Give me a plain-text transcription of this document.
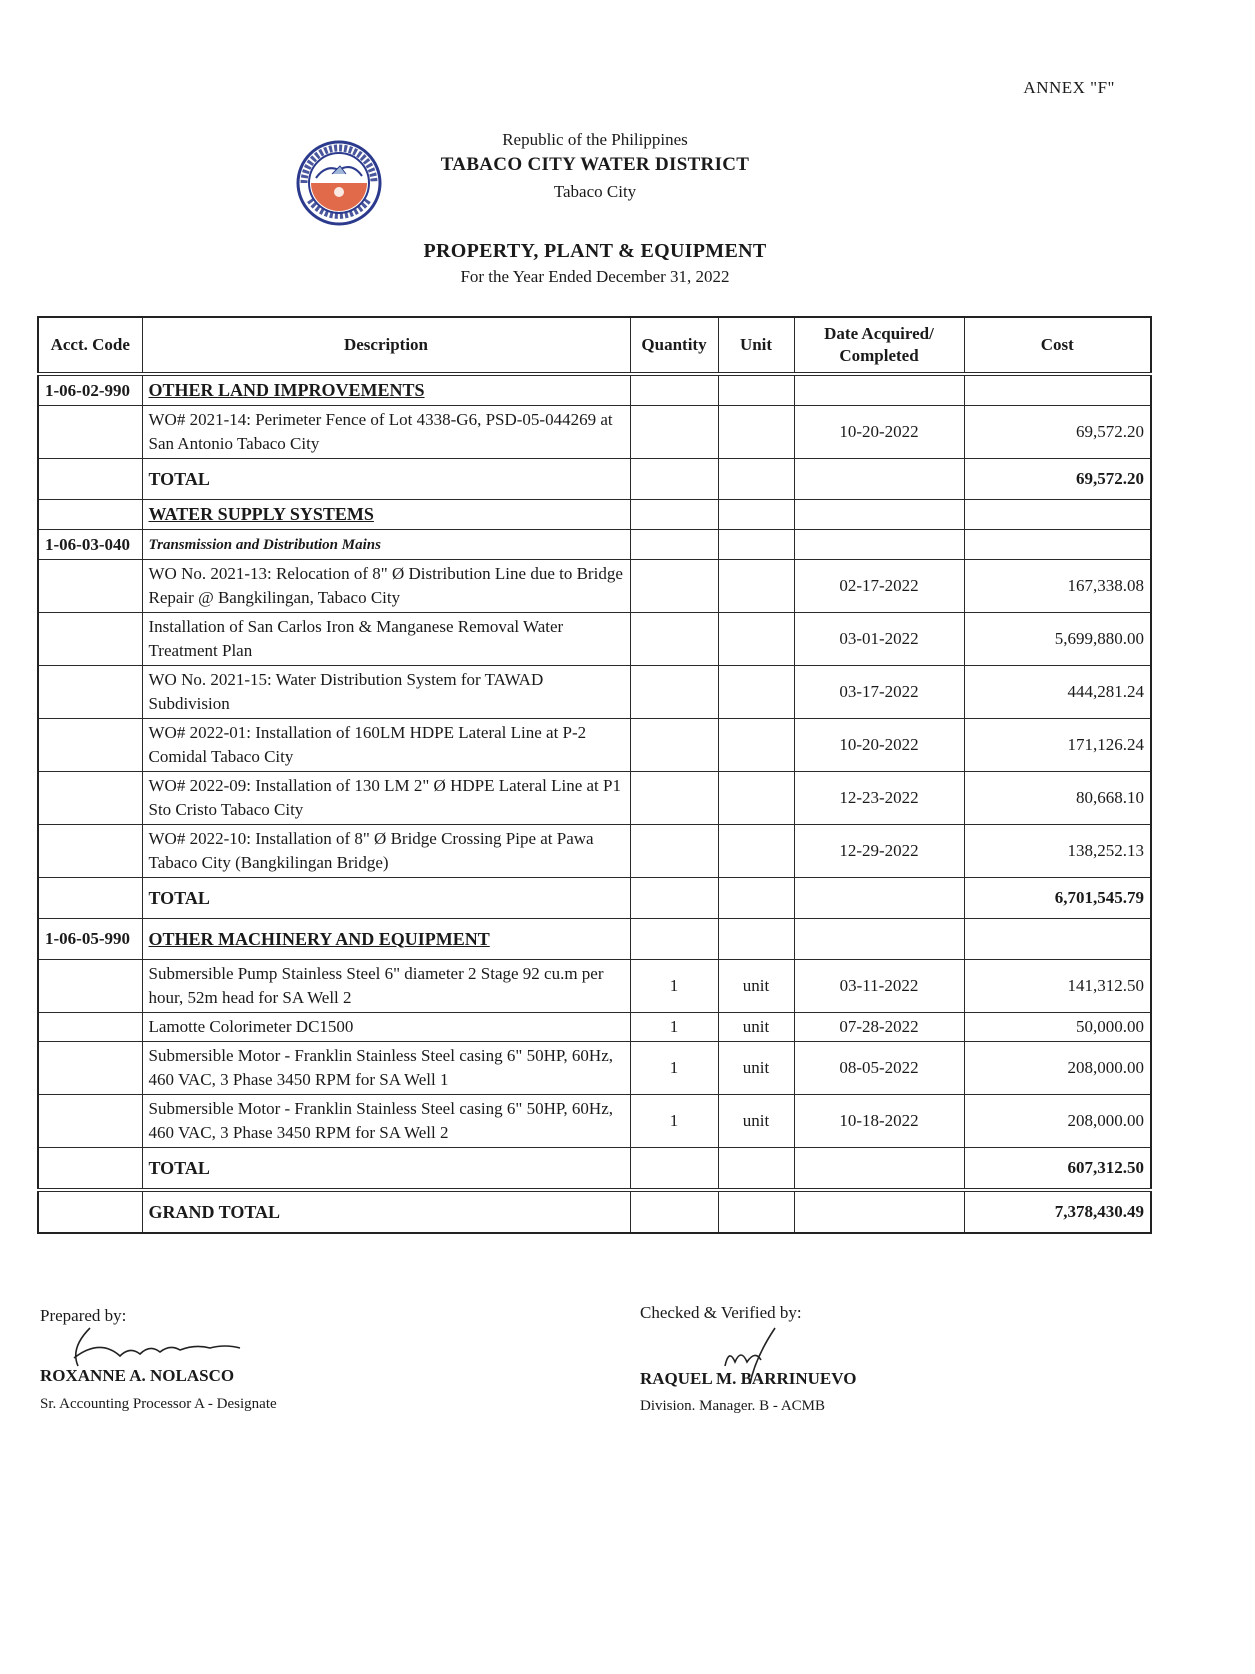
ANNEX "F"
Republic of the Philippines
TABACO CITY WATER DISTRICT
Tabaco City
PROPERTY, PLANT & EQUIPMENT
For the Year Ended December 31, 2022
Acct. Code	Description	Quantity	Unit	Date Acquired/ Completed	Cost
1-06-02-990	OTHER LAND IMPROVEMENTS				
	WO# 2021-14: Perimeter Fence of Lot 4338-G6, PSD-05-044269 at San Antonio Tabaco City			10-20-2022	69,572.20
	TOTAL				69,572.20
	WATER SUPPLY SYSTEMS				
1-06-03-040	Transmission and Distribution Mains				
	WO No. 2021-13: Relocation of 8" Ø Distribution Line due to Bridge Repair @ Bangkilingan, Tabaco City			02-17-2022	167,338.08
	Installation of San Carlos Iron & Manganese Removal Water Treatment Plan			03-01-2022	5,699,880.00
	WO No. 2021-15: Water Distribution System for TAWAD Subdivision			03-17-2022	444,281.24
	WO# 2022-01: Installation of 160LM HDPE Lateral Line at P-2 Comidal Tabaco City			10-20-2022	171,126.24
	WO# 2022-09: Installation of 130 LM 2" Ø HDPE Lateral Line at P1 Sto Cristo Tabaco City			12-23-2022	80,668.10
	WO# 2022-10: Installation of 8" Ø Bridge Crossing Pipe at Pawa Tabaco City (Bangkilingan Bridge)			12-29-2022	138,252.13
	TOTAL				6,701,545.79
1-06-05-990	OTHER MACHINERY AND EQUIPMENT				
	Submersible Pump Stainless Steel 6" diameter 2 Stage 92 cu.m per hour, 52m head for SA Well 2	1	unit	03-11-2022	141,312.50
	Lamotte Colorimeter DC1500	1	unit	07-28-2022	50,000.00
	Submersible Motor - Franklin Stainless Steel casing 6" 50HP, 60Hz, 460 VAC, 3 Phase 3450 RPM for SA Well 1	1	unit	08-05-2022	208,000.00
	Submersible Motor - Franklin Stainless Steel casing 6" 50HP, 60Hz, 460 VAC, 3 Phase 3450 RPM for SA Well 2	1	unit	10-18-2022	208,000.00
	TOTAL				607,312.50
	GRAND TOTAL				7,378,430.49
Prepared by:
ROXANNE A. NOLASCO
Sr. Accounting Processor A - Designate
Checked & Verified by:
RAQUEL M. BARRINUEVO
Division. Manager. B - ACMB
